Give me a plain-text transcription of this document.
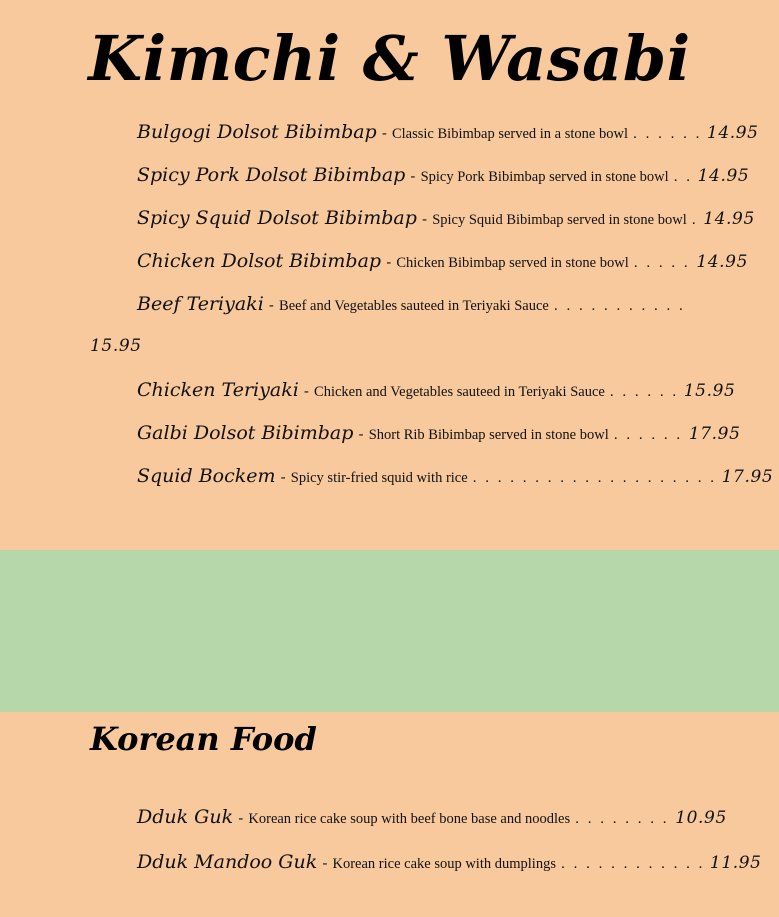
Kimchi & Wasabi
Bulgogi Dolsot Bibimbap - Classic Bibimbap served in a stone bowl . . . . . . 14.95
Spicy Pork Dolsot Bibimbap - Spicy Pork Bibimbap served in stone bowl . . 14.95
Spicy Squid Dolsot Bibimbap - Spicy Squid Bibimbap served in stone bowl . 14.95
Chicken Dolsot Bibimbap - Chicken Bibimbap served in stone bowl . . . . . 14.95
Beef Teriyaki - Beef and Vegetables sauteed in Teriyaki Sauce . . . . . . . . . . .
15.95
Chicken Teriyaki - Chicken and Vegetables sauteed in Teriyaki Sauce . . . . . . 15.95
Galbi Dolsot Bibimbap - Short Rib Bibimbap served in stone bowl . . . . . . 17.95
Squid Bockem - Spicy stir-fried squid with rice . . . . . . . . . . . . . . . . . . . . 17.95
Korean Food
Dduk Guk - Korean rice cake soup with beef bone base and noodles . . . . . . . . 10.95
Dduk Mandoo Guk - Korean rice cake soup with dumplings . . . . . . . . . . . . 11.95
